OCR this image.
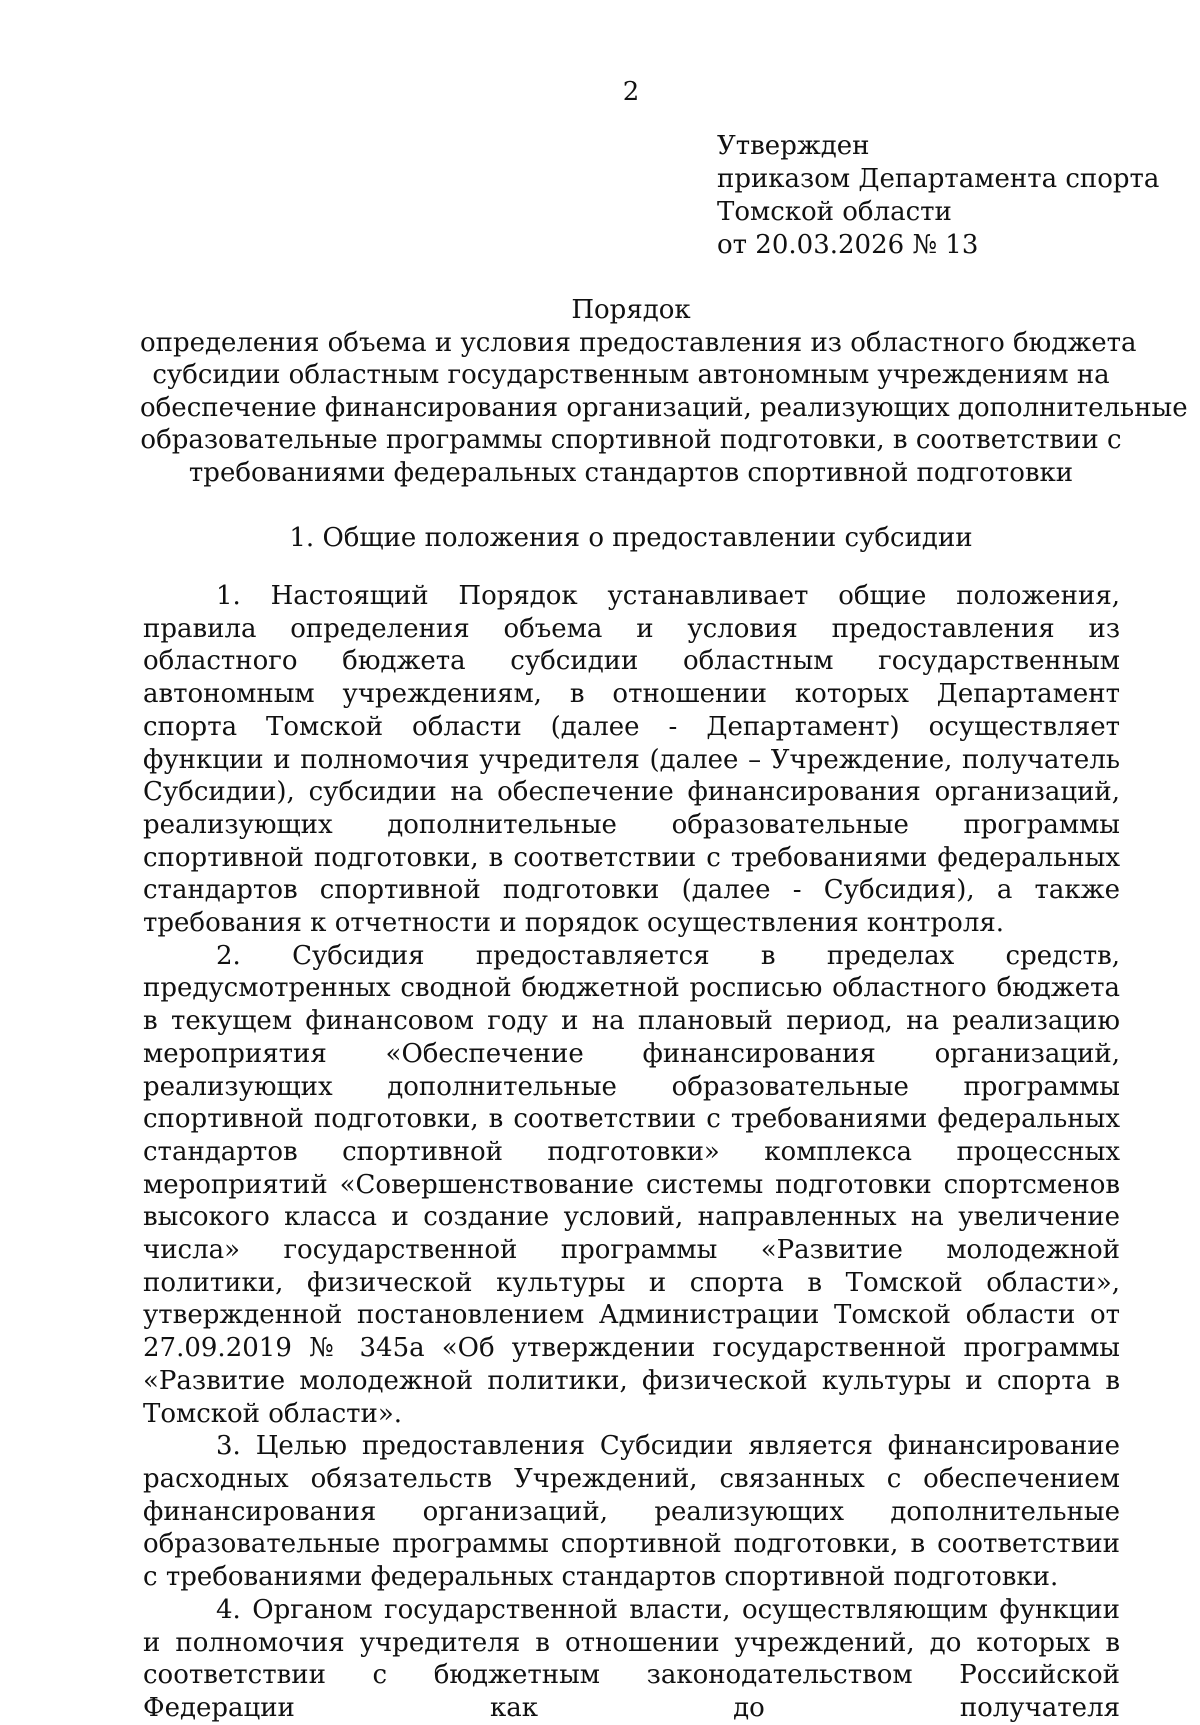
2
Утвержден
приказом Департамента спорта
Томской области
от 20.03.2026 № 13
Порядок
определения объема и условия предоставления из областного бюджета
субсидии областным государственным автономным учреждениям на
обеспечение финансирования организаций, реализующих дополнительные
образовательные программы спортивной подготовки, в соответствии с
требованиями федеральных стандартов спортивной подготовки
1. Общие положения о предоставлении субсидии

1. Настоящий Порядок устанавливает общие положения, правила определения объема и условия предоставления из областного бюджета субсидии областным государственным автономным учреждениям, в отношении которых Департамент спорта Томской области (далее - Департамент) осуществляет функции и полномочия учредителя (далее – Учреждение, получатель Субсидии), субсидии на обеспечение финансирования организаций, реализующих дополнительные образовательные программы спортивной подготовки, в соответствии с требованиями федеральных стандартов спортивной подготовки (далее - Субсидия), а также требования к отчетности и порядок осуществления контроля.

2. Субсидия предоставляется в пределах средств, предусмотренных сводной бюджетной росписью областного бюджета в текущем финансовом году и на плановый период, на реализацию мероприятия «Обеспечение финансирования организаций, реализующих дополнительные образовательные программы спортивной подготовки, в соответствии с требованиями федеральных стандартов спортивной подготовки» комплекса процессных мероприятий «Совершенствование системы подготовки спортсменов высокого класса и создание условий, направленных на увеличение числа» государственной программы «Развитие молодежной политики, физической культуры и спорта в Томской области», утвержденной постановлением Администрации Томской области от 27.09.2019 № 345а «Об утверждении государственной программы «Развитие молодежной политики, физической культуры и спорта в Томской области».

3. Целью предоставления Субсидии является финансирование расходных обязательств Учреждений, связанных с обеспечением финансирования организаций, реализующих дополнительные образовательные программы спортивной подготовки, в соответствии с требованиями федеральных стандартов спортивной подготовки.

4. Органом государственной власти, осуществляющим функции и полномочия учредителя в отношении учреждений, до которых в соответствии с бюджетным законодательством Российской Федерации как до получателя
